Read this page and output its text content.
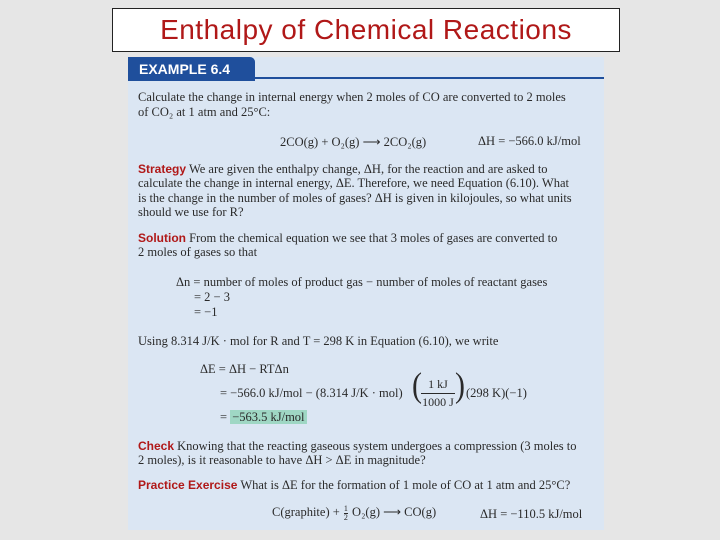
Enthalpy of Chemical Reactions
EXAMPLE 6.4
Calculate the change in internal energy when 2 moles of CO are converted to 2 moles
of CO₂ at 1 atm and 25°C:
2CO(g) + O₂(g) ⟶ 2CO₂(g)	ΔH = −566.0 kJ/mol
Strategy We are given the enthalpy change, ΔH, for the reaction and are asked to
calculate the change in internal energy, ΔE. Therefore, we need Equation (6.10). What
is the change in the number of moles of gases? ΔH is given in kilojoules, so what units
should we use for R?
Solution From the chemical equation we see that 3 moles of gases are converted to
2 moles of gases so that
Δn = number of moles of product gas − number of moles of reactant gases
= 2 − 3
= −1
Using 8.314 J/K · mol for R and T = 298 K in Equation (6.10), we write
ΔE = ΔH − RTΔn
= −566.0 kJ/mol − (8.314 J/K · mol) ( 1 kJ
1000 J ) (298 K)(−1)
= −563.5 kJ/mol
Check Knowing that the reacting gaseous system undergoes a compression (3 moles to
2 moles), is it reasonable to have ΔH > ΔE in magnitude?
Practice Exercise What is ΔE for the formation of 1 mole of CO at 1 atm and 25°C?
C(graphite) + $\frac{1}{2} O_2(g)$ ⟶ CO(g)	ΔH = −110.5 kJ/mol
